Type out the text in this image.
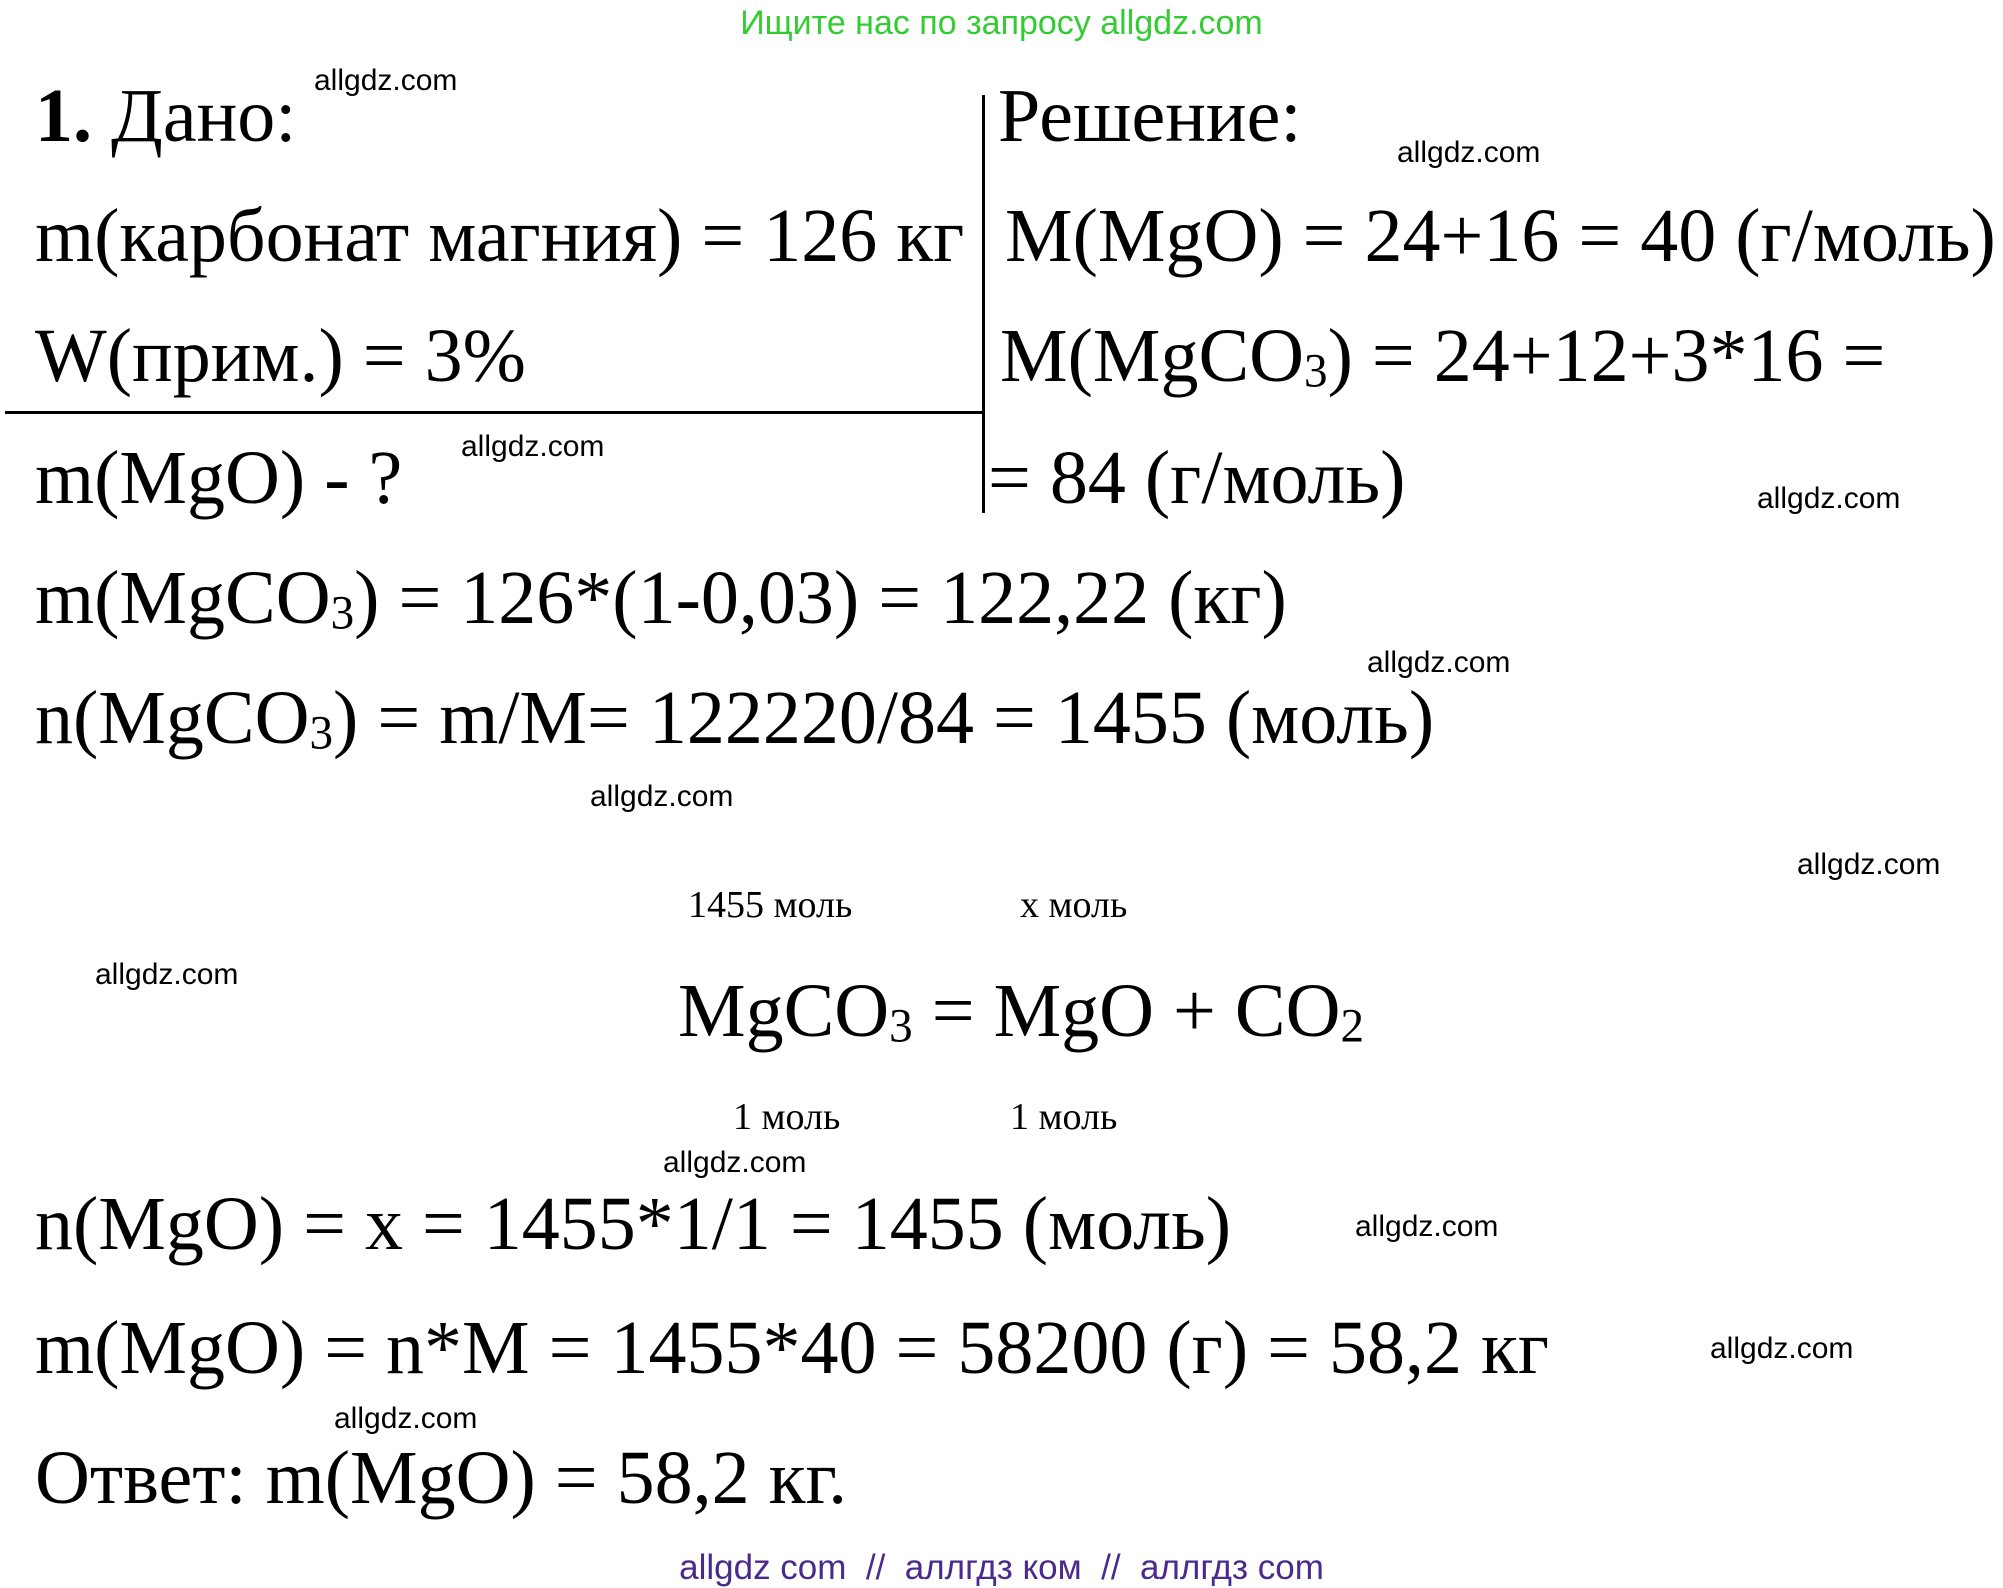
Ищите нас по запросу allgdz.com
1. Дано:
m(карбонат магния) = 126 кг
W(прим.) = 3%
m(MgO) - ?
Решение:
M(MgO) = 24+16 = 40 (г/моль)
M(MgCO3) = 24+12+3*16 =
= 84 (г/моль)
m(MgCO3) = 126*(1-0,03) = 122,22 (кг)
n(MgCO3) = m/M= 122220/84 = 1455 (моль)
1455 моль	x моль
MgCO3 = MgO + CO2
1 моль	1 моль
n(MgO) = x = 1455*1/1 = 1455 (моль)
m(MgO) = n*M = 1455*40 = 58200 (г) = 58,2 кг
Ответ: m(MgO) = 58,2 кг.
allgdz.com
allgdz.com
allgdz.com
allgdz.com
allgdz.com
allgdz.com
allgdz.com
allgdz.com
allgdz.com
allgdz.com
allgdz.com
allgdz.com
allgdz com  //  аллгдз ком  //  аллгдз com
